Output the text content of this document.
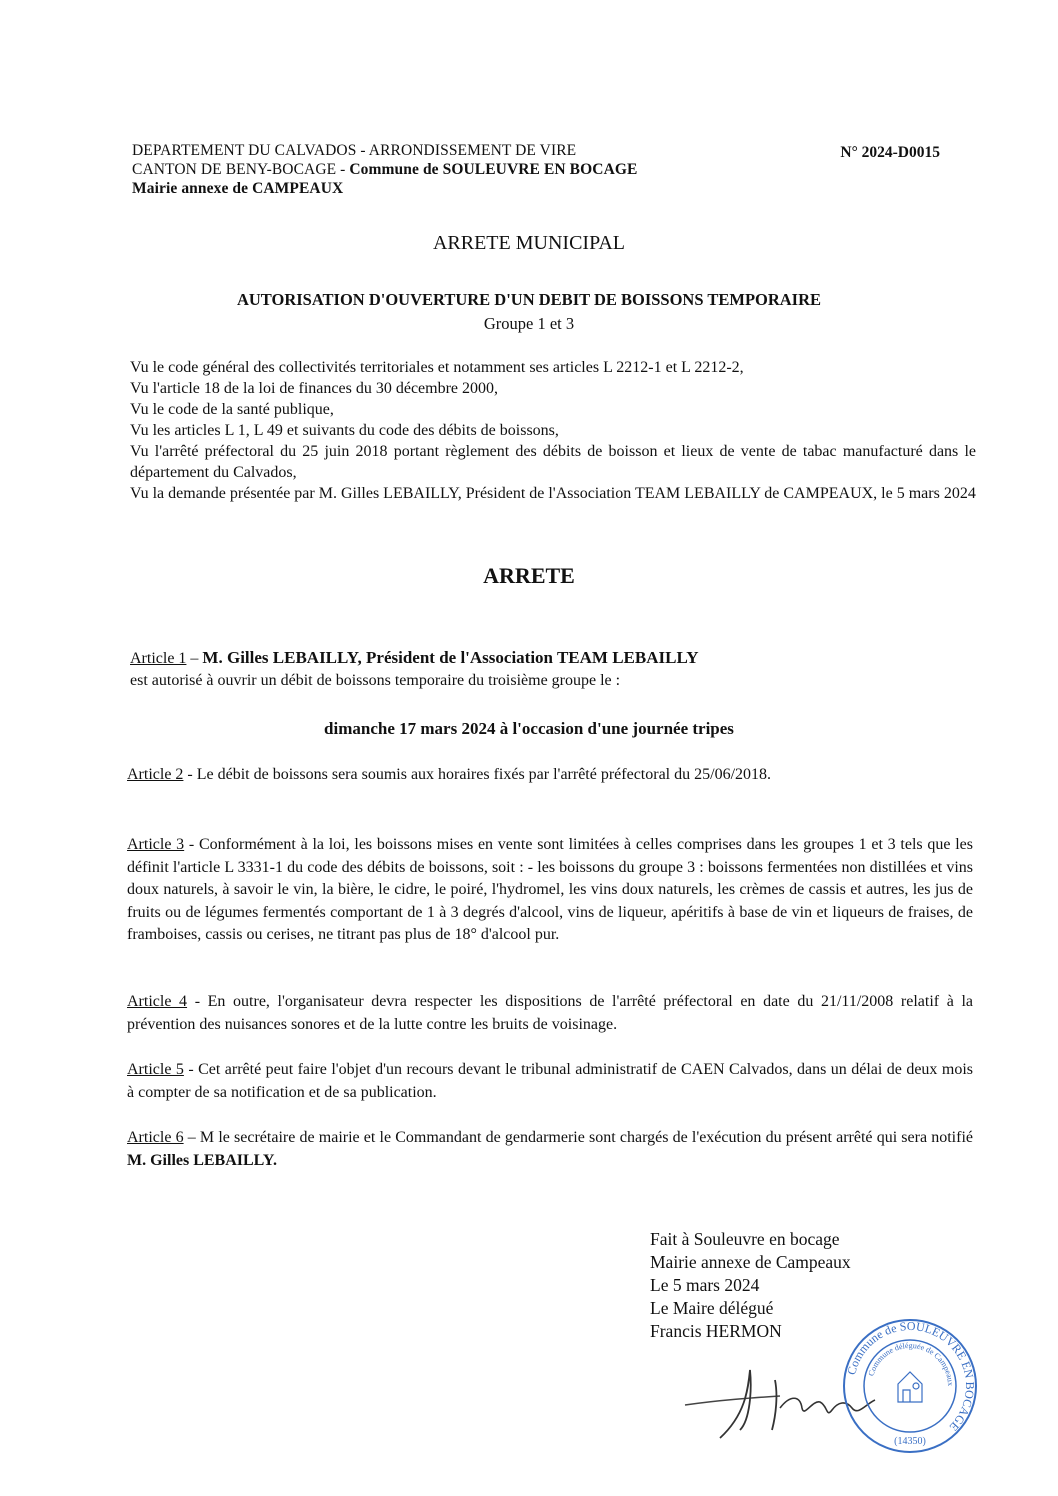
DEPARTEMENT DU CALVADOS - ARRONDISSEMENT DE VIRE
CANTON DE BENY-BOCAGE - Commune de SOULEUVRE EN BOCAGE
Mairie annexe de CAMPEAUX
N° 2024-D0015
ARRETE MUNICIPAL
AUTORISATION D'OUVERTURE D'UN DEBIT DE BOISSONS TEMPORAIRE
Groupe 1 et 3
Vu le code général des collectivités territoriales et notamment ses articles L 2212-1 et L 2212-2,
Vu l'article 18 de la loi de finances du 30 décembre 2000,
Vu le code de la santé publique,
Vu les articles L 1, L 49 et suivants du code des débits de boissons,
Vu l'arrêté préfectoral du 25 juin 2018 portant règlement des débits de boisson et lieux de vente de tabac manufacturé dans le département du Calvados,
Vu la demande présentée par M. Gilles LEBAILLY, Président de l'Association TEAM LEBAILLY de CAMPEAUX, le 5 mars 2024
ARRETE
Article 1 – M. Gilles LEBAILLY, Président de l'Association TEAM LEBAILLY
est autorisé à ouvrir un débit de boissons temporaire du troisième groupe le :
dimanche 17 mars 2024 à l'occasion d'une journée tripes
Article 2 - Le débit de boissons sera soumis aux horaires fixés par l'arrêté préfectoral du 25/06/2018.
Article 3 - Conformément à la loi, les boissons mises en vente sont limitées à celles comprises dans les groupes 1 et 3 tels que les définit l'article L 3331-1 du code des débits de boissons, soit : - les boissons du groupe 3 : boissons fermentées non distillées et vins doux naturels, à savoir le vin, la bière, le cidre, le poiré, l'hydromel, les vins doux naturels, les crèmes de cassis et autres, les jus de fruits ou de légumes fermentés comportant de 1 à 3 degrés d'alcool, vins de liqueur, apéritifs à base de vin et liqueurs de fraises, de framboises, cassis ou cerises, ne titrant pas plus de 18° d'alcool pur.
Article 4 - En outre, l'organisateur devra respecter les dispositions de l'arrêté préfectoral en date du 21/11/2008 relatif à la prévention des nuisances sonores et de la lutte contre les bruits de voisinage.
Article 5 - Cet arrêté peut faire l'objet d'un recours devant le tribunal administratif de CAEN Calvados, dans un délai de deux mois à compter de sa notification et de sa publication.
Article 6 – M le secrétaire de mairie et le Commandant de gendarmerie sont chargés de l'exécution du présent arrêté qui sera notifié M. Gilles LEBAILLY.
Fait à Souleuvre en bocage
Mairie annexe de Campeaux
Le 5 mars 2024
Le Maire délégué
Francis HERMON
Commune de SOULEUVRE EN BOCAGE
Commune déléguée de Campeaux
(14350)
